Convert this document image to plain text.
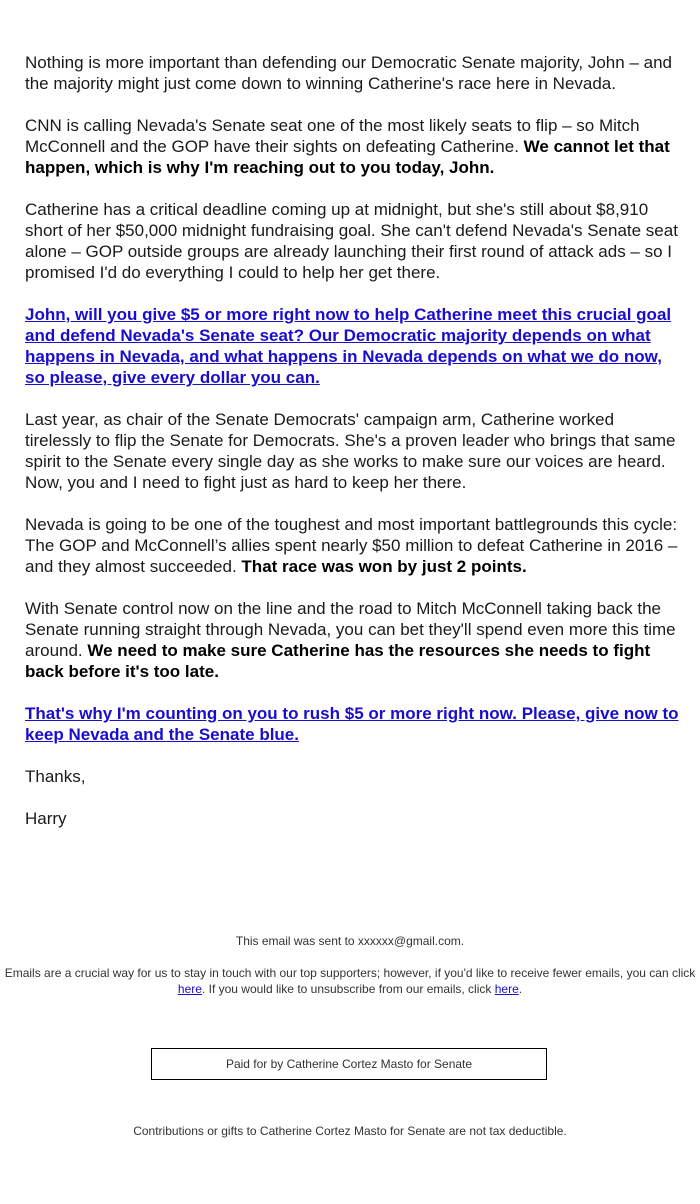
Nothing is more important than defending our Democratic Senate majority, John – and the majority might just come down to winning Catherine's race here in Nevada.

CNN is calling Nevada's Senate seat one of the most likely seats to flip – so Mitch McConnell and the GOP have their sights on defeating Catherine. We cannot let that happen, which is why I'm reaching out to you today, John.

Catherine has a critical deadline coming up at midnight, but she's still about $8,910 short of her $50,000 midnight fundraising goal. She can't defend Nevada's Senate seat alone – GOP outside groups are already launching their first round of attack ads – so I promised I'd do everything I could to help her get there.

John, will you give $5 or more right now to help Catherine meet this crucial goal and defend Nevada's Senate seat? Our Democratic majority depends on what happens in Nevada, and what happens in Nevada depends on what we do now, so please, give every dollar you can.

Last year, as chair of the Senate Democrats' campaign arm, Catherine worked tirelessly to flip the Senate for Democrats. She's a proven leader who brings that same spirit to the Senate every single day as she works to make sure our voices are heard. Now, you and I need to fight just as hard to keep her there.

Nevada is going to be one of the toughest and most important battlegrounds this cycle: The GOP and McConnell’s allies spent nearly $50 million to defeat Catherine in 2016 – and they almost succeeded. That race was won by just 2 points.

With Senate control now on the line and the road to Mitch McConnell taking back the Senate running straight through Nevada, you can bet they'll spend even more this time around. We need to make sure Catherine has the resources she needs to fight back before it's too late.

That's why I'm counting on you to rush $5 or more right now. Please, give now to keep Nevada and the Senate blue.

Thanks,

Harry

This email was sent to xxxxxx@gmail.com.

Emails are a crucial way for us to stay in touch with our top supporters; however, if you'd like to receive fewer emails, you can click here. If you would like to unsubscribe from our emails, click here.

Paid for by Catherine Cortez Masto for Senate
Contributions or gifts to Catherine Cortez Masto for Senate are not tax deductible.
